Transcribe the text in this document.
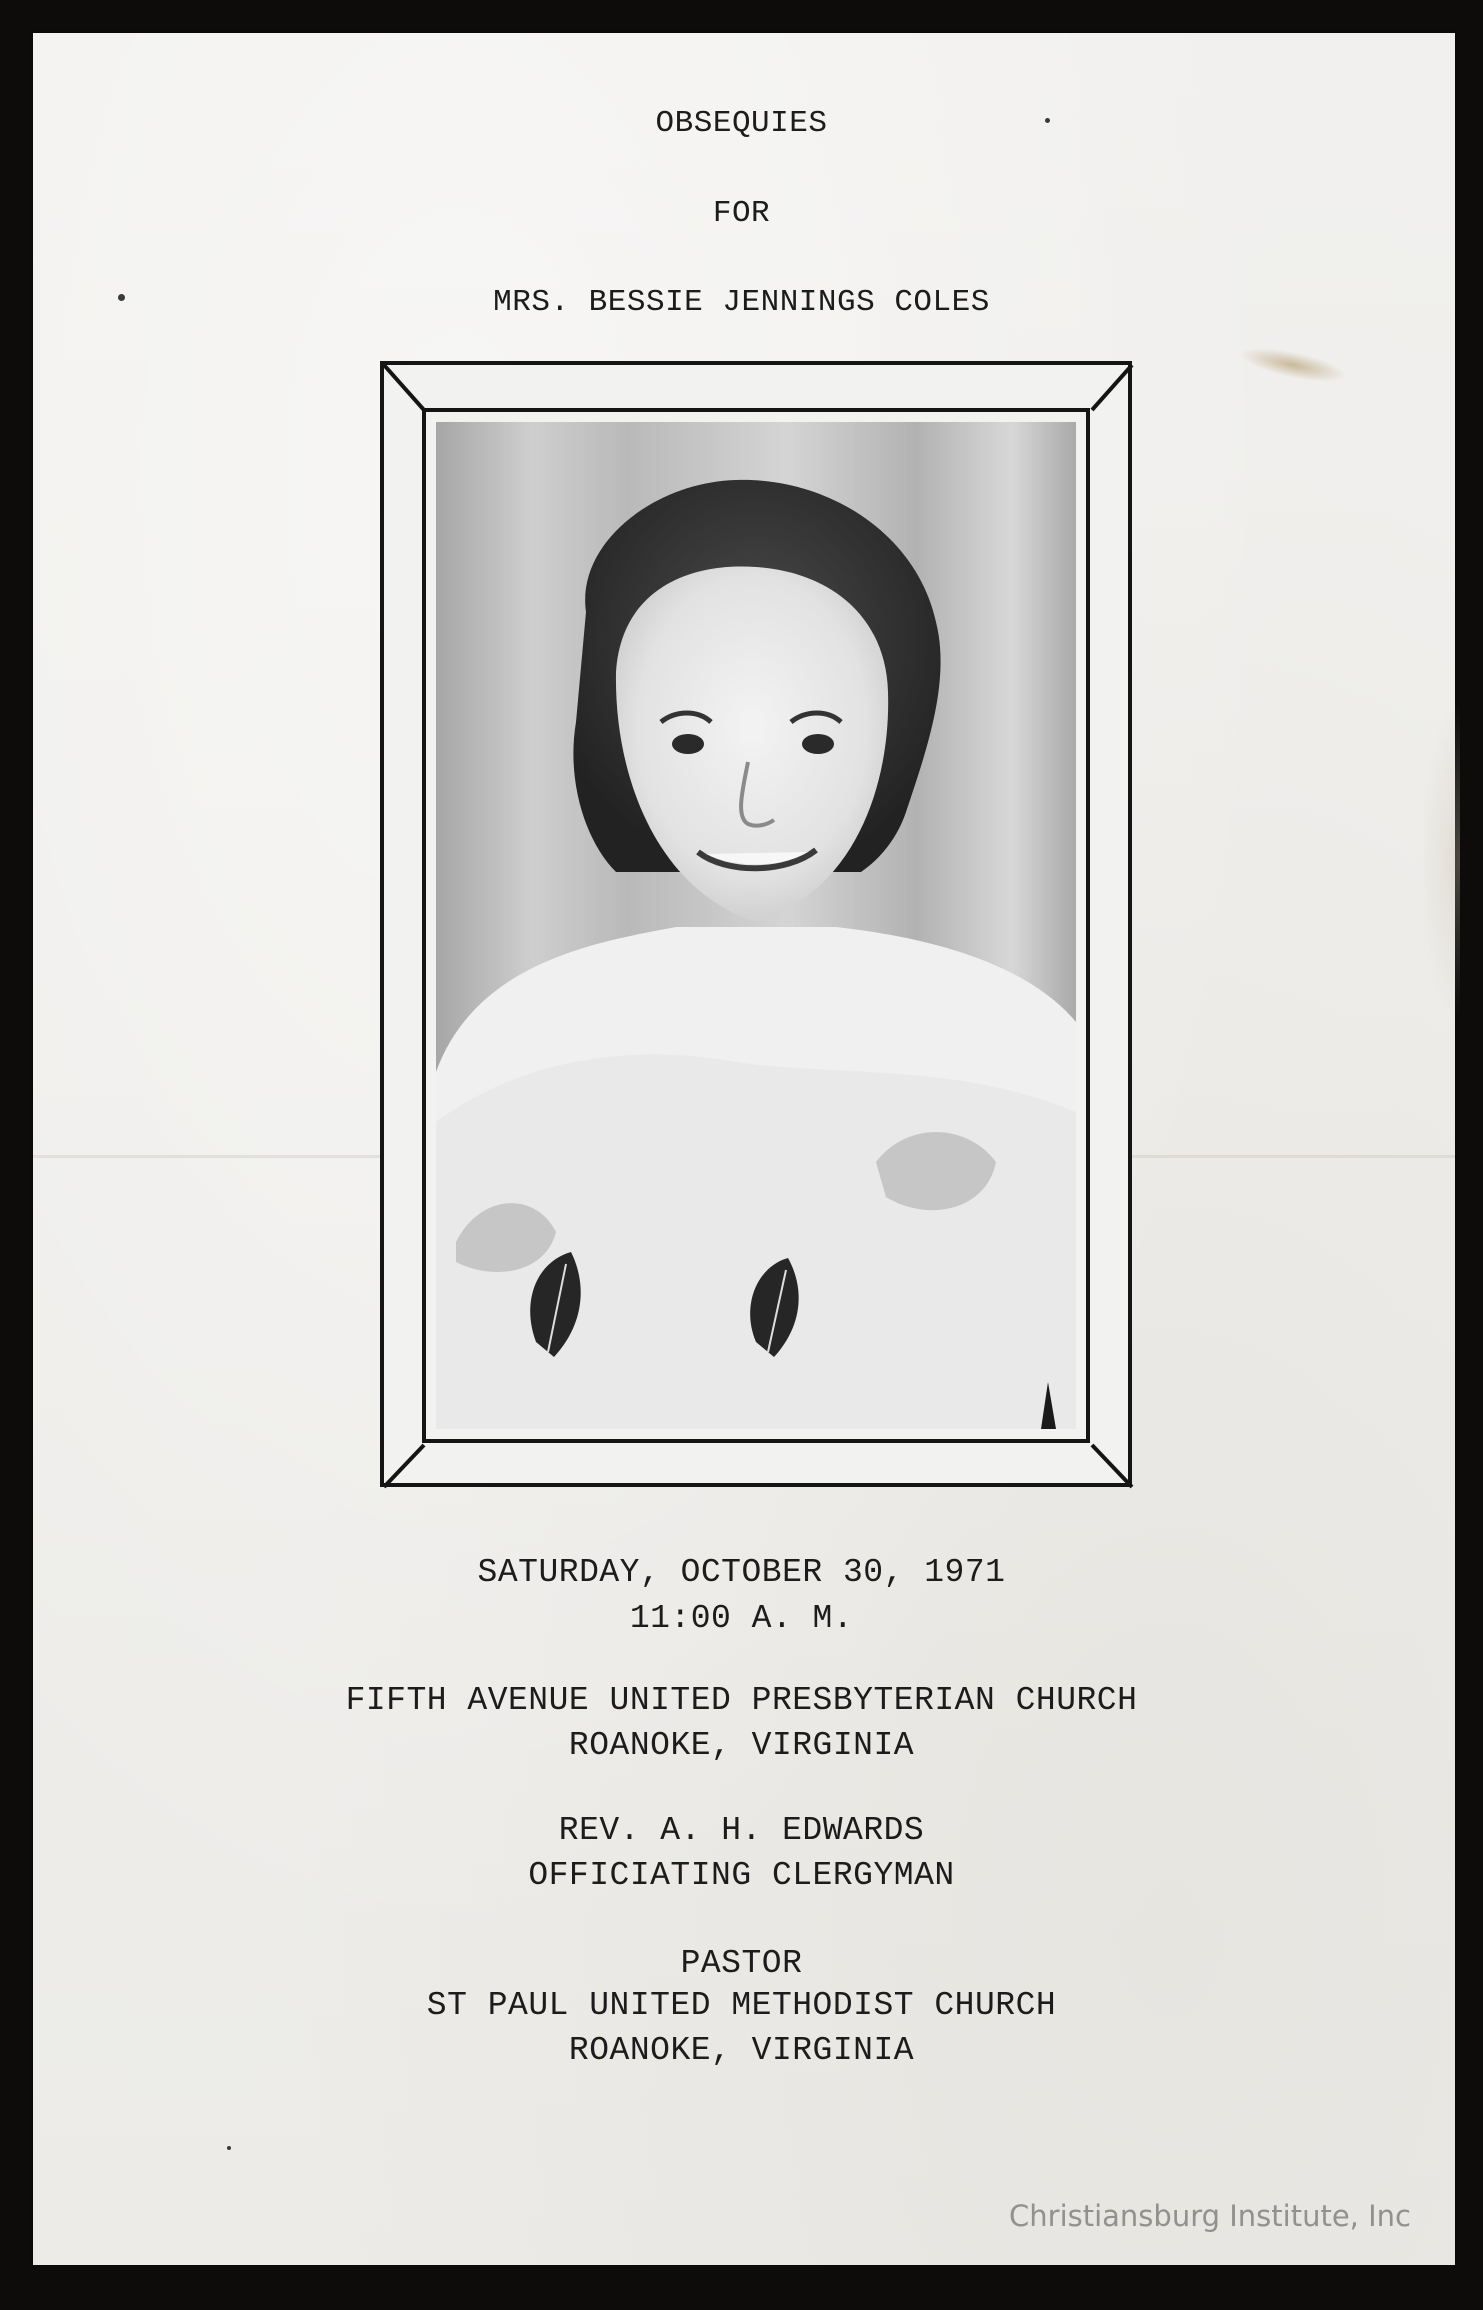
OBSEQUIES
FOR
MRS. BESSIE JENNINGS COLES
SATURDAY, OCTOBER 30, 1971
11:00 A. M.
FIFTH AVENUE UNITED PRESBYTERIAN CHURCH
ROANOKE, VIRGINIA
REV. A. H. EDWARDS
OFFICIATING CLERGYMAN
PASTOR
ST PAUL UNITED METHODIST CHURCH
ROANOKE, VIRGINIA
Christiansburg Institute, Inc
